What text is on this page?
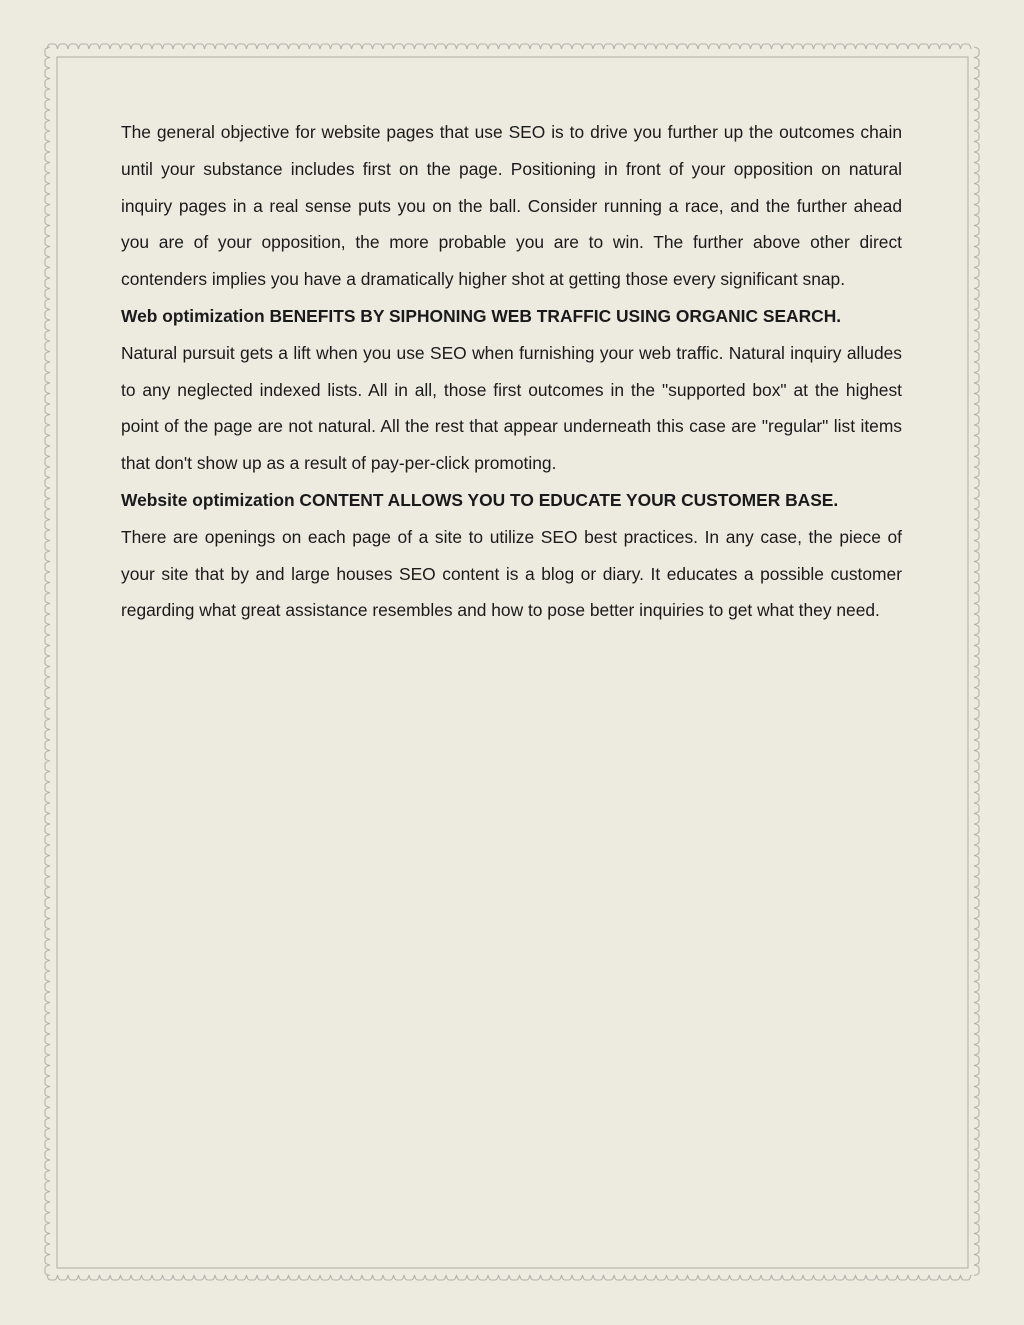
The general objective for website pages that use SEO is to drive you further up the outcomes chain until your substance includes first on the page. Positioning in front of your opposition on natural inquiry pages in a real sense puts you on the ball. Consider running a race, and the further ahead you are of your opposition, the more probable you are to win. The further above other direct contenders implies you have a dramatically higher shot at getting those every significant snap.

Web optimization BENEFITS BY SIPHONING WEB TRAFFIC USING ORGANIC SEARCH.

Natural pursuit gets a lift when you use SEO when furnishing your web traffic. Natural inquiry alludes to any neglected indexed lists. All in all, those first outcomes in the "supported box" at the highest point of the page are not natural. All the rest that appear underneath this case are "regular" list items that don't show up as a result of pay-per-click promoting.

Website optimization CONTENT ALLOWS YOU TO EDUCATE YOUR CUSTOMER BASE.

There are openings on each page of a site to utilize SEO best practices. In any case, the piece of your site that by and large houses SEO content is a blog or diary. It educates a possible customer regarding what great assistance resembles and how to pose better inquiries to get what they need.
